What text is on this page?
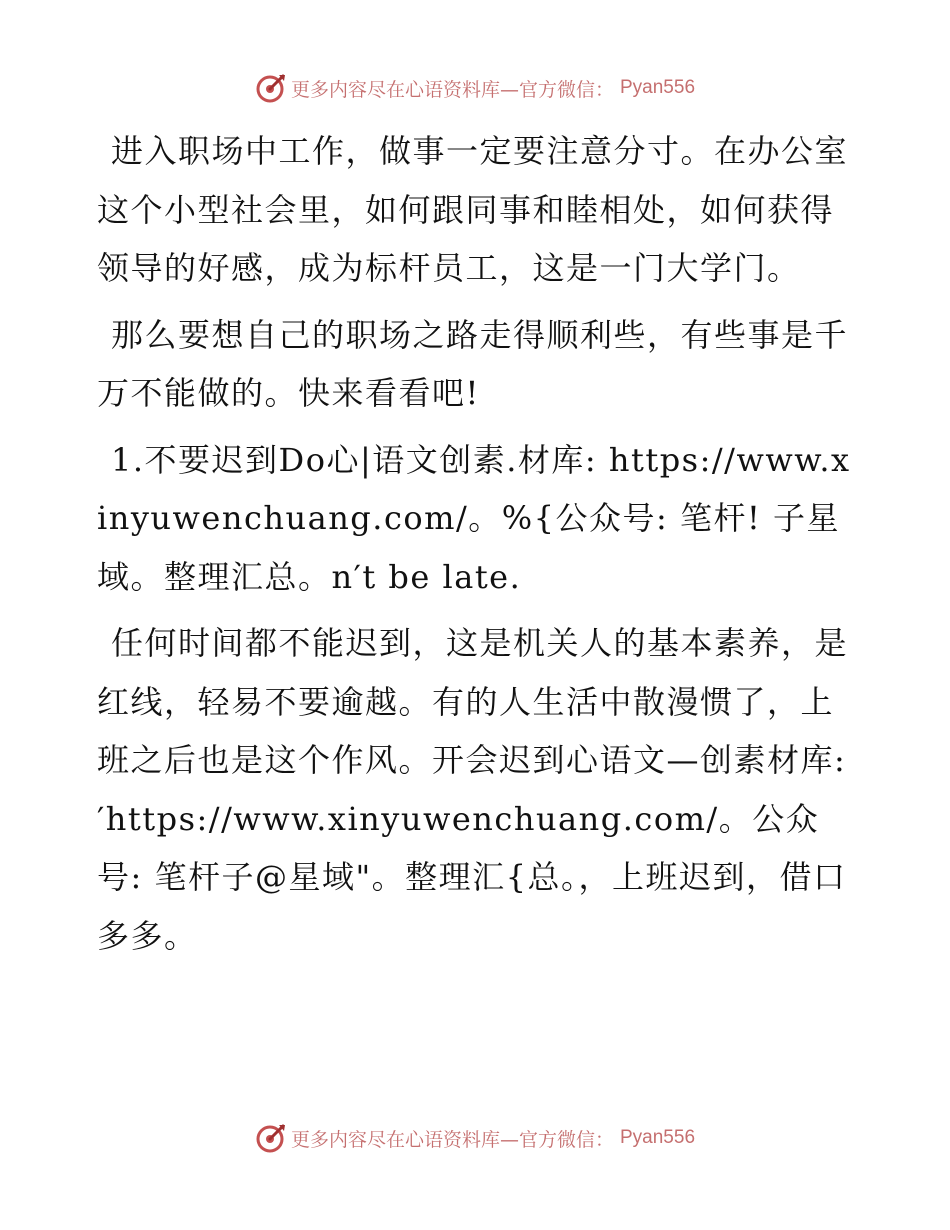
更多内容尽在心语资料库—官方微信： Pyan556

进入职场中工作，做事一定要注意分寸。在办公室这个小型社会里，如何跟同事和睦相处，如何获得领导的好感，成为标杆员工，这是一门大学门。

那么要想自己的职场之路走得顺利些，有些事是千万不能做的。快来看看吧!

1.不要迟到Do心|语文创素.材库: https://www.xinyuwenchuang.com/。%{公众号: 笔杆! 子星域。整理汇总。n′t be late.

任何时间都不能迟到，这是机关人的基本素养，是红线，轻易不要逾越。有的人生活中散漫惯了，上班之后也是这个作风。开会迟到心语文—创素材库: ′https://www.xinyuwenchuang.com/。公众号: 笔杆子@星域"。整理汇{总。，上班迟到，借口多多。

更多内容尽在心语资料库—官方微信： Pyan556
